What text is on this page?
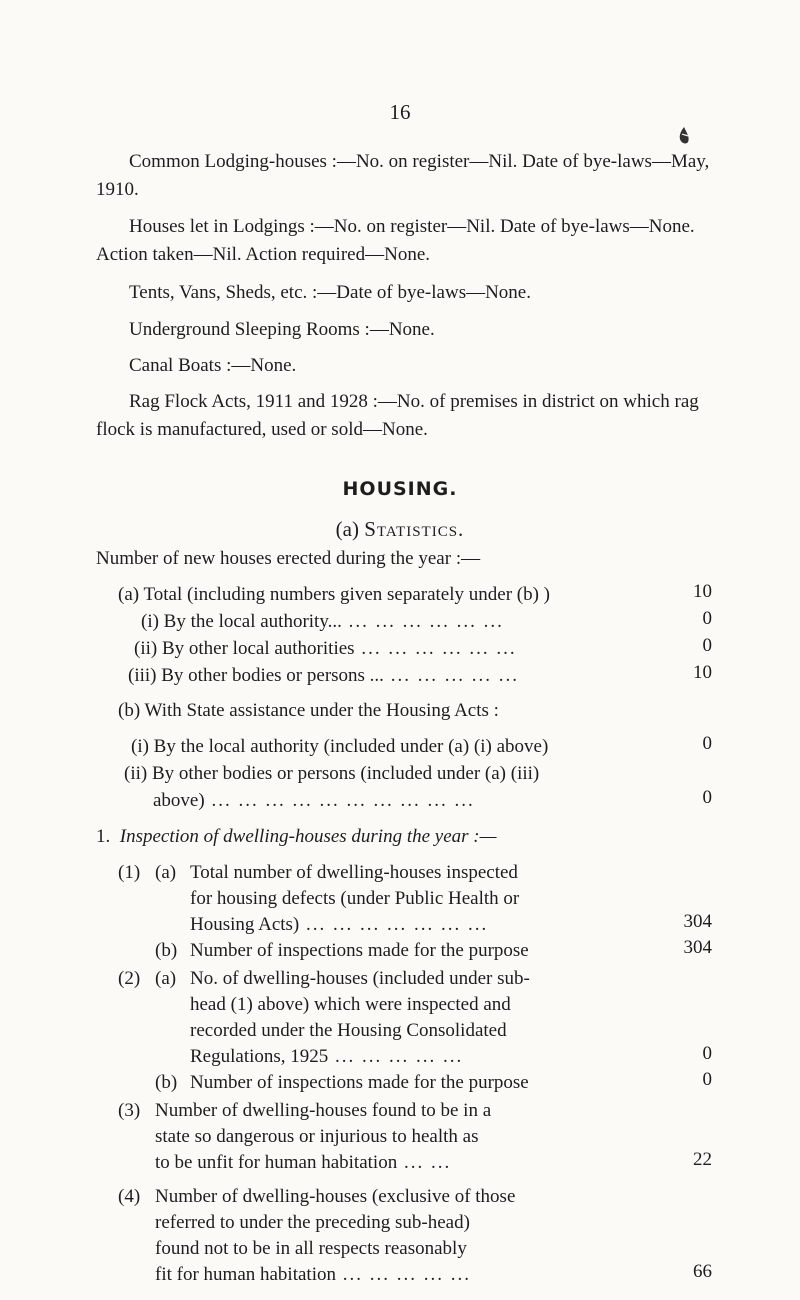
16

Common Lodging-houses :—No. on register—Nil. Date of bye-laws—May, 1910.

Houses let in Lodgings :—No. on register—Nil. Date of bye-laws—None. Action taken—Nil. Action required—None.

Tents, Vans, Sheds, etc. :—Date of bye-laws—None.

Underground Sleeping Rooms :—None.

Canal Boats :—None.

Rag Flock Acts, 1911 and 1928 :—No. of premises in district on which rag flock is manufactured, used or sold—None.

HOUSING.
(a) Statistics.
Number of new houses erected during the year :—
(a) Total (including numbers given separately under (b) )	10
(i) By the local authority... ... ... ... ... ... ...	0
(ii) By other local authorities ... ... ... ... ... ...	0
(iii) By other bodies or persons ... ... ... ... ... ...	10
(b) With State assistance under the Housing Acts :
(i) By the local authority (included under (a) (i) above)	0
(ii) By other bodies or persons (included under (a) (iii)
above) ... ... ... ... ... ... ... ... ... ...	0
1. Inspection of dwelling-houses during the year :—
(1) (a) Total number of dwelling-houses inspected
for housing defects (under Public Health or
Housing Acts) ... ... ... ... ... ... ...	304
(b) Number of inspections made for the purpose	304
(2) (a) No. of dwelling-houses (included under sub-
head (1) above) which were inspected and
recorded under the Housing Consolidated
Regulations, 1925 ... ... ... ... ...	0
(b) Number of inspections made for the purpose	0
(3) Number of dwelling-houses found to be in a
state so dangerous or injurious to health as
to be unfit for human habitation ... ...	22
(4) Number of dwelling-houses (exclusive of those
referred to under the preceding sub-head)
found not to be in all respects reasonably
fit for human habitation ... ... ... ... ...	66
